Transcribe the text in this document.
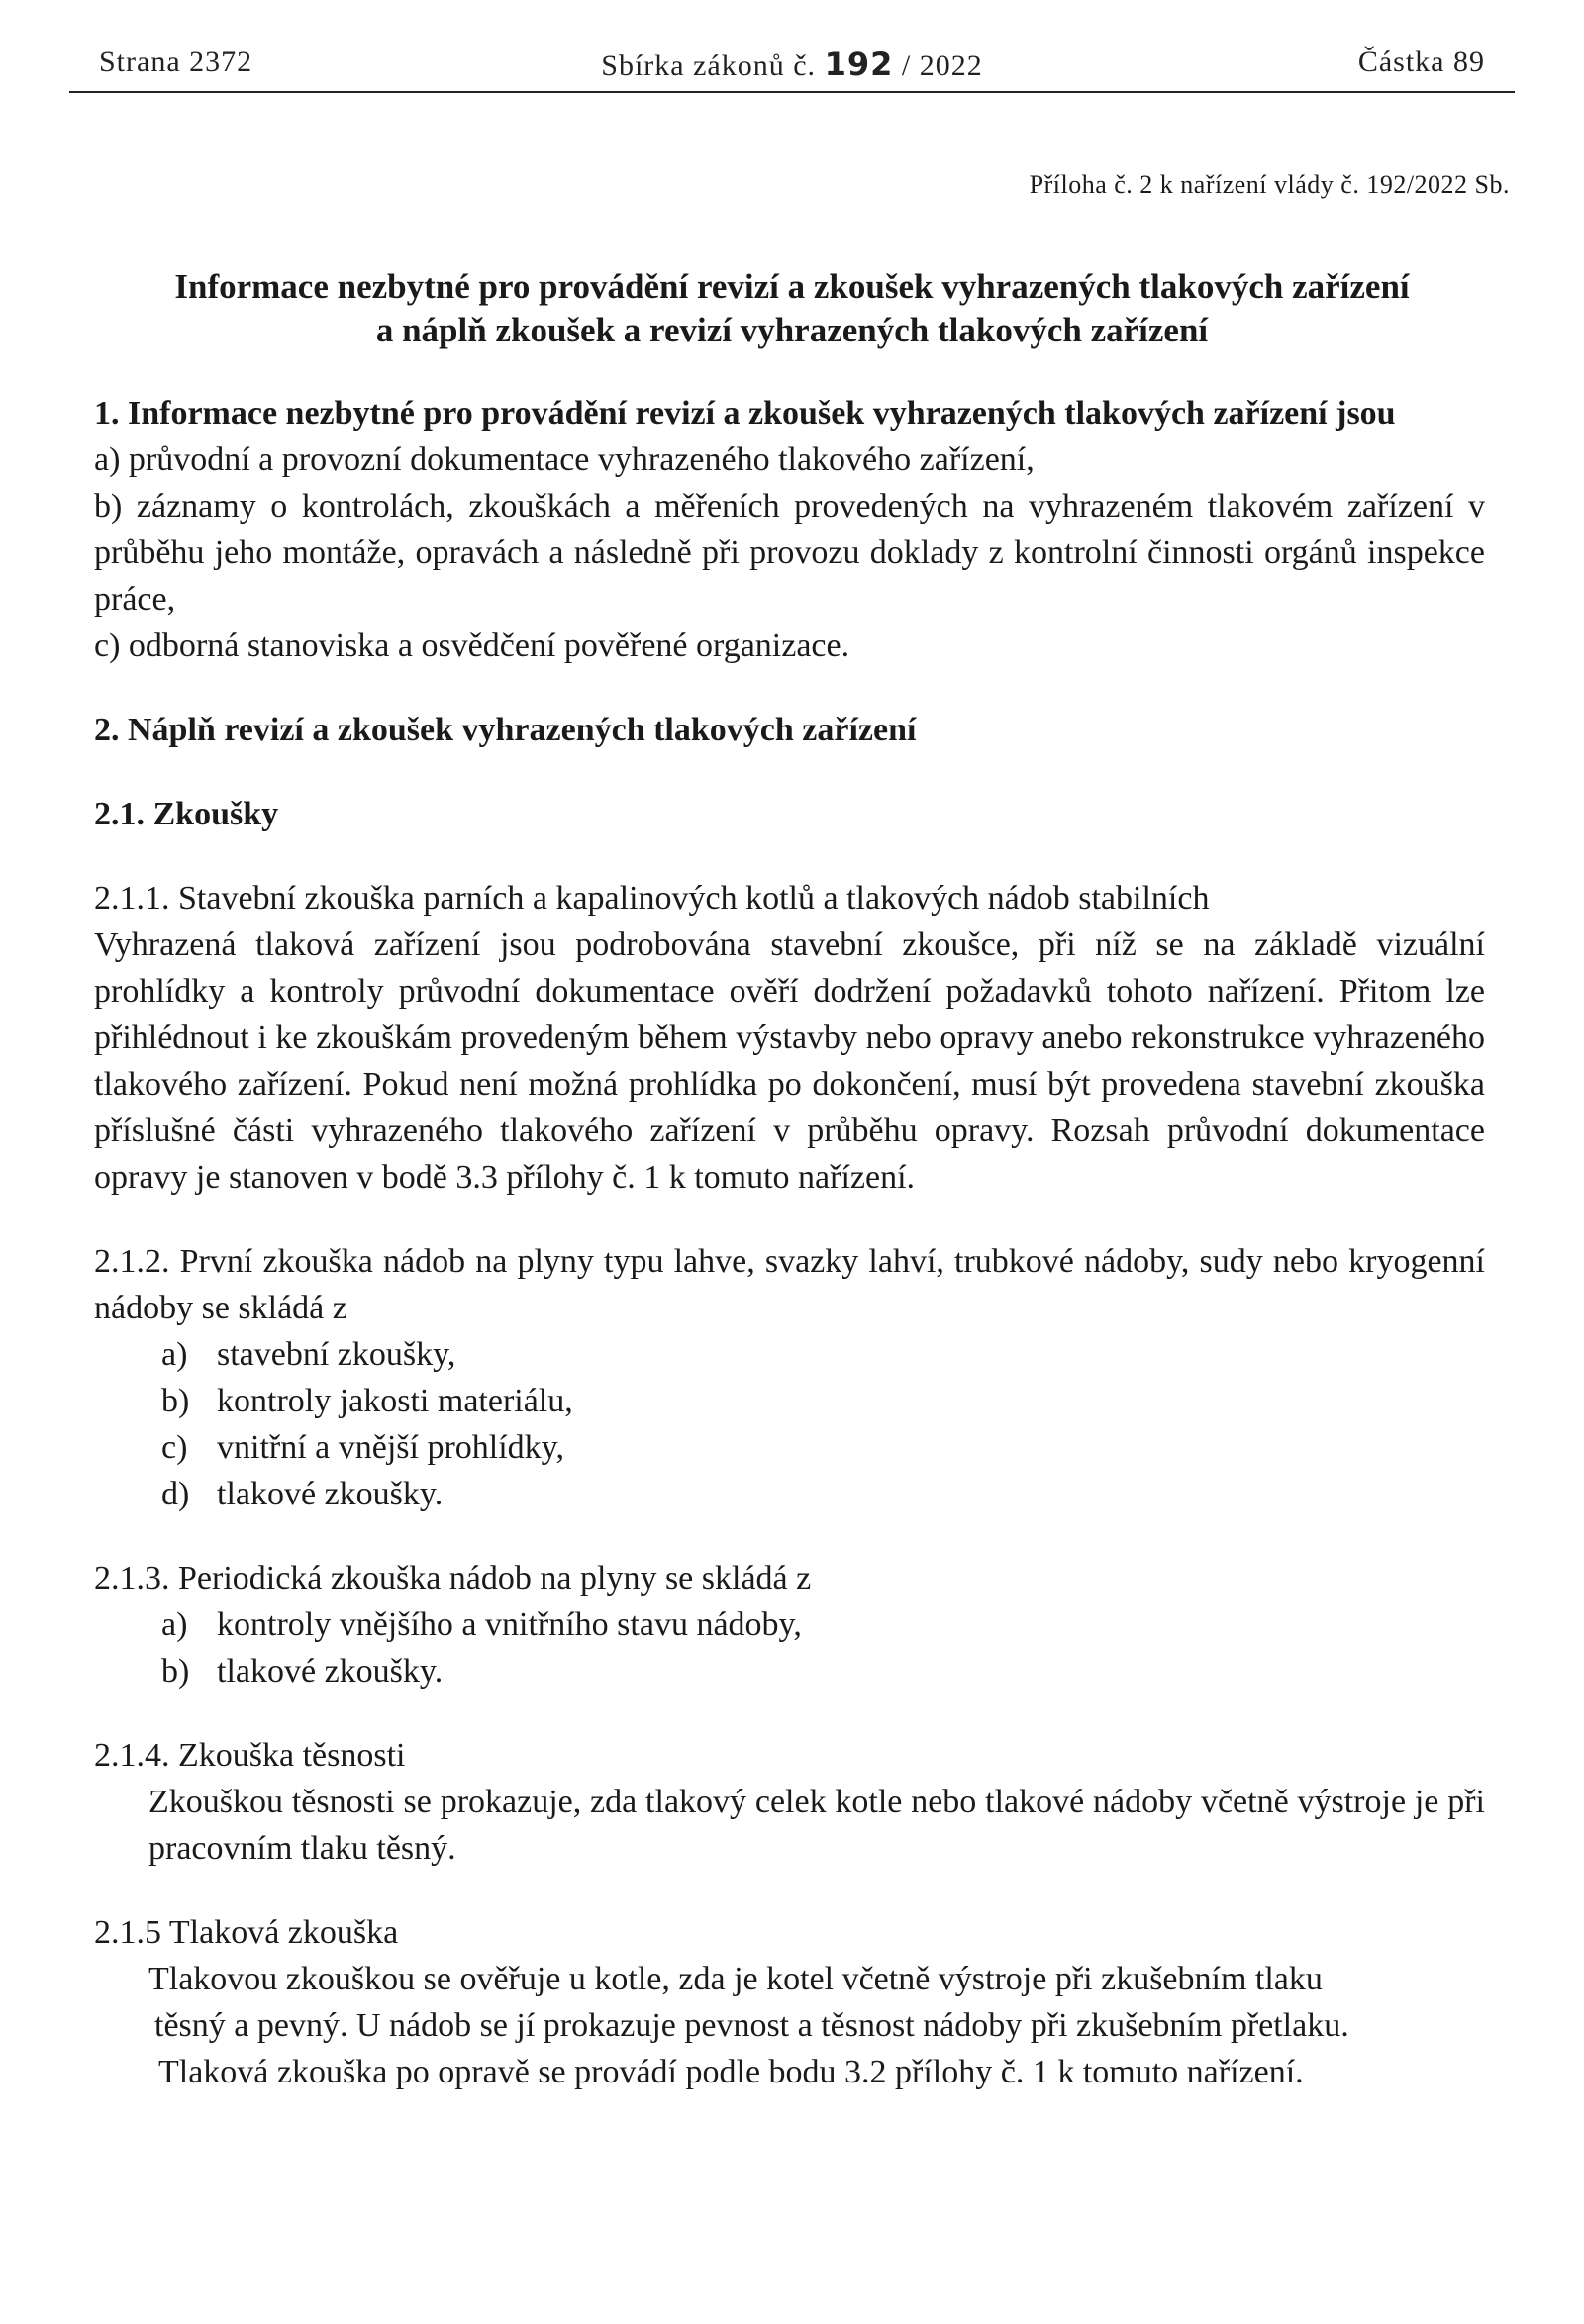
Strana 2372	Sbírka zákonů č. 192 / 2022	Částka 89
Příloha č. 2 k nařízení vlády č. 192/2022 Sb.
Informace nezbytné pro provádění revizí a zkoušek vyhrazených tlakových zařízení
a náplň zkoušek a revizí vyhrazených tlakových zařízení
1. Informace nezbytné pro provádění revizí a zkoušek vyhrazených tlakových zařízení jsou
a) průvodní a provozní dokumentace vyhrazeného tlakového zařízení,
b) záznamy o kontrolách, zkouškách a měřeních provedených na vyhrazeném tlakovém zařízení v průběhu jeho montáže, opravách a následně při provozu doklady z kontrolní činnosti orgánů inspekce práce,
c) odborná stanoviska a osvědčení pověřené organizace.
2. Náplň revizí a zkoušek vyhrazených tlakových zařízení
2.1. Zkoušky
2.1.1. Stavební zkouška parních a kapalinových kotlů a tlakových nádob stabilních
Vyhrazená tlaková zařízení jsou podrobována stavební zkoušce, při níž se na základě vizuální prohlídky a kontroly průvodní dokumentace ověří dodržení požadavků tohoto nařízení. Přitom lze přihlédnout i ke zkouškám provedeným během výstavby nebo opravy anebo rekonstrukce vyhrazeného tlakového zařízení. Pokud není možná prohlídka po dokončení, musí být provedena stavební zkouška příslušné části vyhrazeného tlakového zařízení v průběhu opravy. Rozsah průvodní dokumentace opravy je stanoven v bodě 3.3 přílohy č. 1 k tomuto nařízení.
2.1.2. První zkouška nádob na plyny typu lahve, svazky lahví, trubkové nádoby, sudy nebo kryogenní nádoby se skládá z
a) stavební zkoušky,
b) kontroly jakosti materiálu,
c) vnitřní a vnější prohlídky,
d) tlakové zkoušky.
2.1.3. Periodická zkouška nádob na plyny se skládá z
a) kontroly vnějšího a vnitřního stavu nádoby,
b) tlakové zkoušky.
2.1.4. Zkouška těsnosti
Zkouškou těsnosti se prokazuje, zda tlakový celek kotle nebo tlakové nádoby včetně výstroje je při pracovním tlaku těsný.
2.1.5 Tlaková zkouška
Tlakovou zkouškou se ověřuje u kotle, zda je kotel včetně výstroje při zkušebním tlaku
těsný a pevný. U nádob se jí prokazuje pevnost a těsnost nádoby při zkušebním přetlaku.
Tlaková zkouška po opravě se provádí podle bodu 3.2 přílohy č. 1 k tomuto nařízení.
